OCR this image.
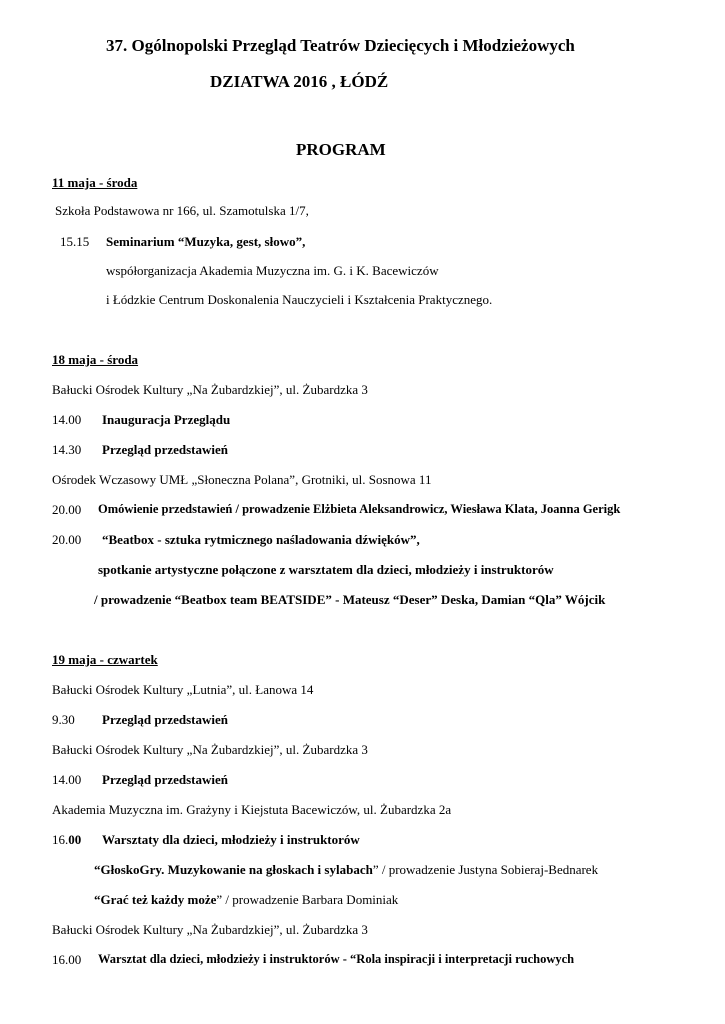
37. Ogólnopolski Przegląd Teatrów Dziecięcych i Młodzieżowych
DZIATWA 2016 , ŁÓDŹ
PROGRAM
11 maja - środa
Szkoła Podstawowa nr 166, ul. Szamotulska 1/7,
15.15 Seminarium “Muzyka, gest, słowo”,
współorganizacja Akademia Muzyczna im. G. i K. Bacewiczów
i Łódzkie Centrum Doskonalenia Nauczycieli i Kształcenia Praktycznego.
18 maja - środa
Bałucki Ośrodek Kultury „Na Żubardzkiej”, ul. Żubardzka 3
14.00 Inauguracja Przeglądu
14.30 Przegląd przedstawień
Ośrodek Wczasowy UMŁ „Słoneczna Polana”, Grotniki, ul. Sosnowa 11
20.00 Omówienie przedstawień / prowadzenie Elżbieta Aleksandrowicz, Wiesława Klata, Joanna Gerigk
20.00 “Beatbox - sztuka rytmicznego naśladowania dźwięków”,
spotkanie artystyczne połączone z warsztatem dla dzieci, młodzieży i instruktorów
/ prowadzenie “Beatbox team BEATSIDE” - Mateusz “Deser” Deska, Damian “Qla” Wójcik
19 maja - czwartek
Bałucki Ośrodek Kultury „Lutnia”, ul. Łanowa 14
9.30 Przegląd przedstawień
Bałucki Ośrodek Kultury „Na Żubardzkiej”, ul. Żubardzka 3
14.00 Przegląd przedstawień
Akademia Muzyczna im. Grażyny i Kiejstuta Bacewiczów, ul. Żubardzka 2a
16.00 Warsztaty dla dzieci, młodzieży i instruktorów
“GłoskoGry. Muzykowanie na głoskach i sylabach” / prowadzenie Justyna Sobieraj-Bednarek
“Grać też każdy może” / prowadzenie Barbara Dominiak
Bałucki Ośrodek Kultury „Na Żubardzkiej”, ul. Żubardzka 3
16.00 Warsztat dla dzieci, młodzieży i instruktorów - “Rola inspiracji i interpretacji ruchowych
